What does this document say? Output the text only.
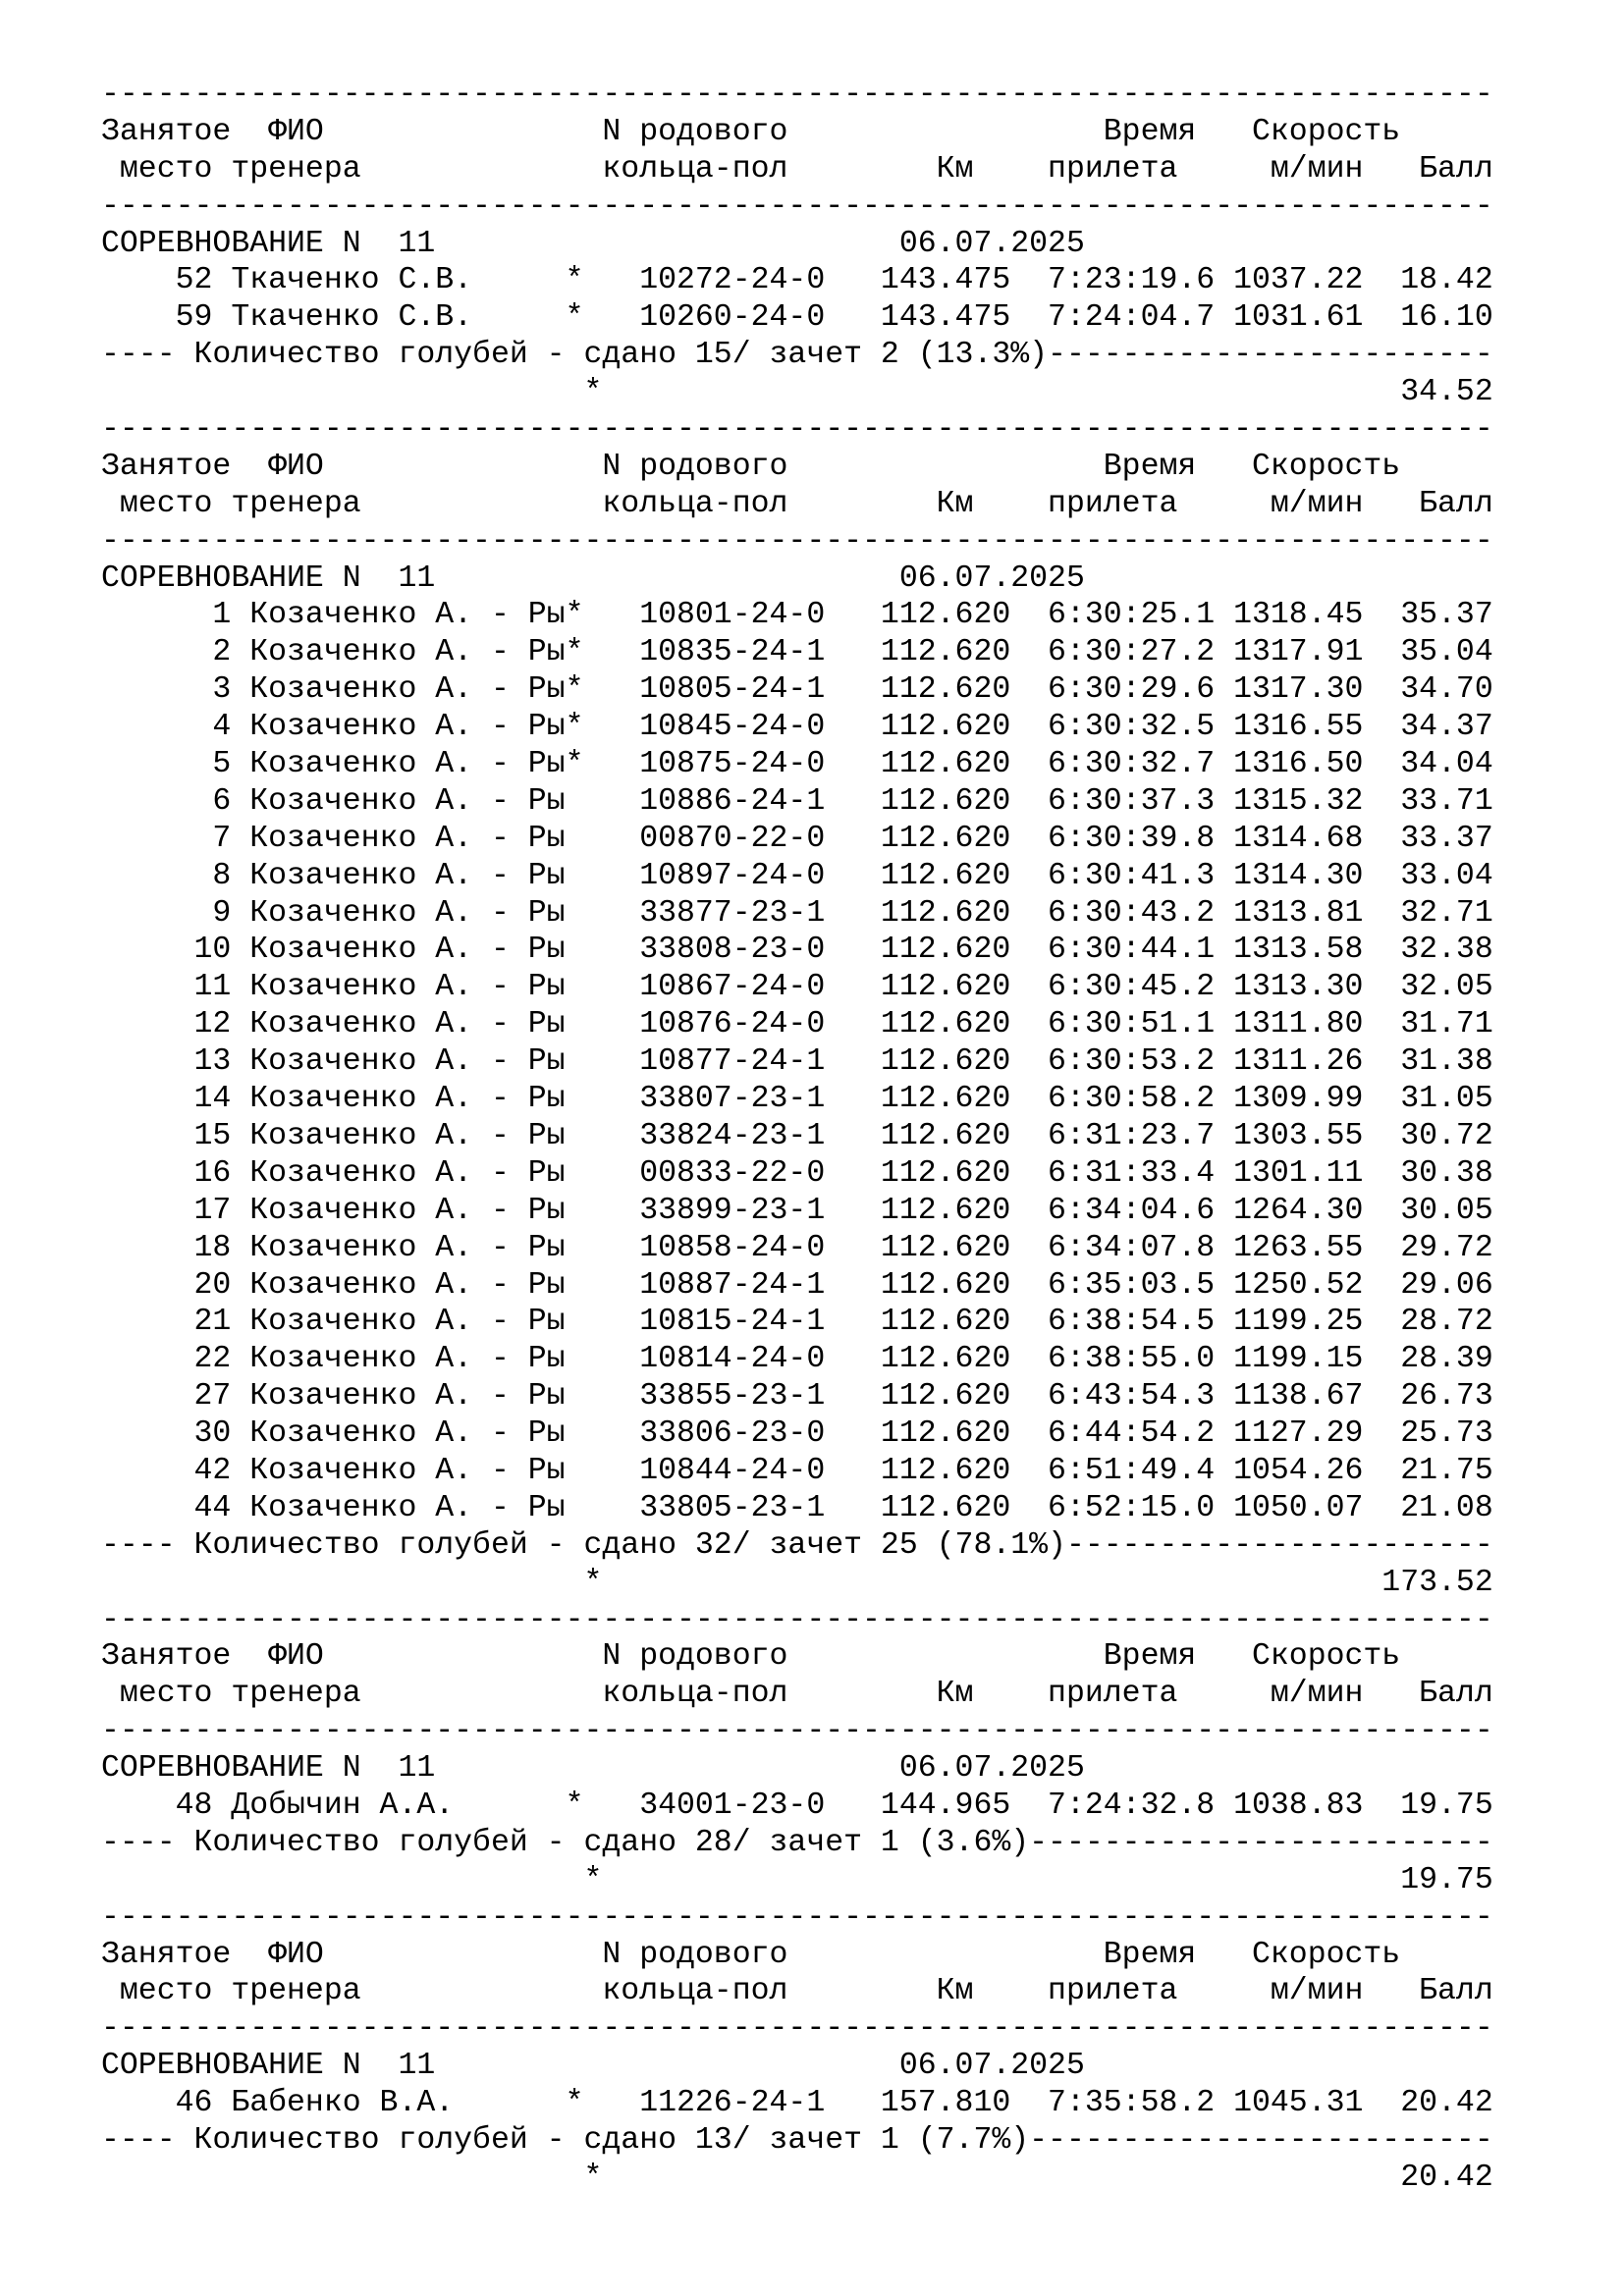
---------------------------------------------------------------------------
Занятое  ФИО               N родового                 Время   Скорость
место тренера             кольца-пол        Км    прилета     м/мин   Балл
---------------------------------------------------------------------------
СОРЕВНОВАНИЕ N  11                         06.07.2025
52 Ткаченко С.В.     *   10272-24-0   143.475  7:23:19.6 1037.22  18.42
59 Ткаченко С.В.     *   10260-24-0   143.475  7:24:04.7 1031.61  16.10
---- Количество голубей - сдано 15/ зачет 2 (13.3%)------------------------
*                                           34.52
---------------------------------------------------------------------------
Занятое  ФИО               N родового                 Время   Скорость
место тренера             кольца-пол        Км    прилета     м/мин   Балл
---------------------------------------------------------------------------
СОРЕВНОВАНИЕ N  11                         06.07.2025
1 Козаченко А. - Ры*   10801-24-0   112.620  6:30:25.1 1318.45  35.37
2 Козаченко А. - Ры*   10835-24-1   112.620  6:30:27.2 1317.91  35.04
3 Козаченко А. - Ры*   10805-24-1   112.620  6:30:29.6 1317.30  34.70
4 Козаченко А. - Ры*   10845-24-0   112.620  6:30:32.5 1316.55  34.37
5 Козаченко А. - Ры*   10875-24-0   112.620  6:30:32.7 1316.50  34.04
6 Козаченко А. - Ры    10886-24-1   112.620  6:30:37.3 1315.32  33.71
7 Козаченко А. - Ры    00870-22-0   112.620  6:30:39.8 1314.68  33.37
8 Козаченко А. - Ры    10897-24-0   112.620  6:30:41.3 1314.30  33.04
9 Козаченко А. - Ры    33877-23-1   112.620  6:30:43.2 1313.81  32.71
10 Козаченко А. - Ры    33808-23-0   112.620  6:30:44.1 1313.58  32.38
11 Козаченко А. - Ры    10867-24-0   112.620  6:30:45.2 1313.30  32.05
12 Козаченко А. - Ры    10876-24-0   112.620  6:30:51.1 1311.80  31.71
13 Козаченко А. - Ры    10877-24-1   112.620  6:30:53.2 1311.26  31.38
14 Козаченко А. - Ры    33807-23-1   112.620  6:30:58.2 1309.99  31.05
15 Козаченко А. - Ры    33824-23-1   112.620  6:31:23.7 1303.55  30.72
16 Козаченко А. - Ры    00833-22-0   112.620  6:31:33.4 1301.11  30.38
17 Козаченко А. - Ры    33899-23-1   112.620  6:34:04.6 1264.30  30.05
18 Козаченко А. - Ры    10858-24-0   112.620  6:34:07.8 1263.55  29.72
20 Козаченко А. - Ры    10887-24-1   112.620  6:35:03.5 1250.52  29.06
21 Козаченко А. - Ры    10815-24-1   112.620  6:38:54.5 1199.25  28.72
22 Козаченко А. - Ры    10814-24-0   112.620  6:38:55.0 1199.15  28.39
27 Козаченко А. - Ры    33855-23-1   112.620  6:43:54.3 1138.67  26.73
30 Козаченко А. - Ры    33806-23-0   112.620  6:44:54.2 1127.29  25.73
42 Козаченко А. - Ры    10844-24-0   112.620  6:51:49.4 1054.26  21.75
44 Козаченко А. - Ры    33805-23-1   112.620  6:52:15.0 1050.07  21.08
---- Количество голубей - сдано 32/ зачет 25 (78.1%)-----------------------
*                                          173.52
---------------------------------------------------------------------------
Занятое  ФИО               N родового                 Время   Скорость
место тренера             кольца-пол        Км    прилета     м/мин   Балл
---------------------------------------------------------------------------
СОРЕВНОВАНИЕ N  11                         06.07.2025
48 Добычин А.А.      *   34001-23-0   144.965  7:24:32.8 1038.83  19.75
---- Количество голубей - сдано 28/ зачет 1 (3.6%)-------------------------
*                                           19.75
---------------------------------------------------------------------------
Занятое  ФИО               N родового                 Время   Скорость
место тренера             кольца-пол        Км    прилета     м/мин   Балл
---------------------------------------------------------------------------
СОРЕВНОВАНИЕ N  11                         06.07.2025
46 Бабенко В.А.      *   11226-24-1   157.810  7:35:58.2 1045.31  20.42
---- Количество голубей - сдано 13/ зачет 1 (7.7%)-------------------------
*                                           20.42
